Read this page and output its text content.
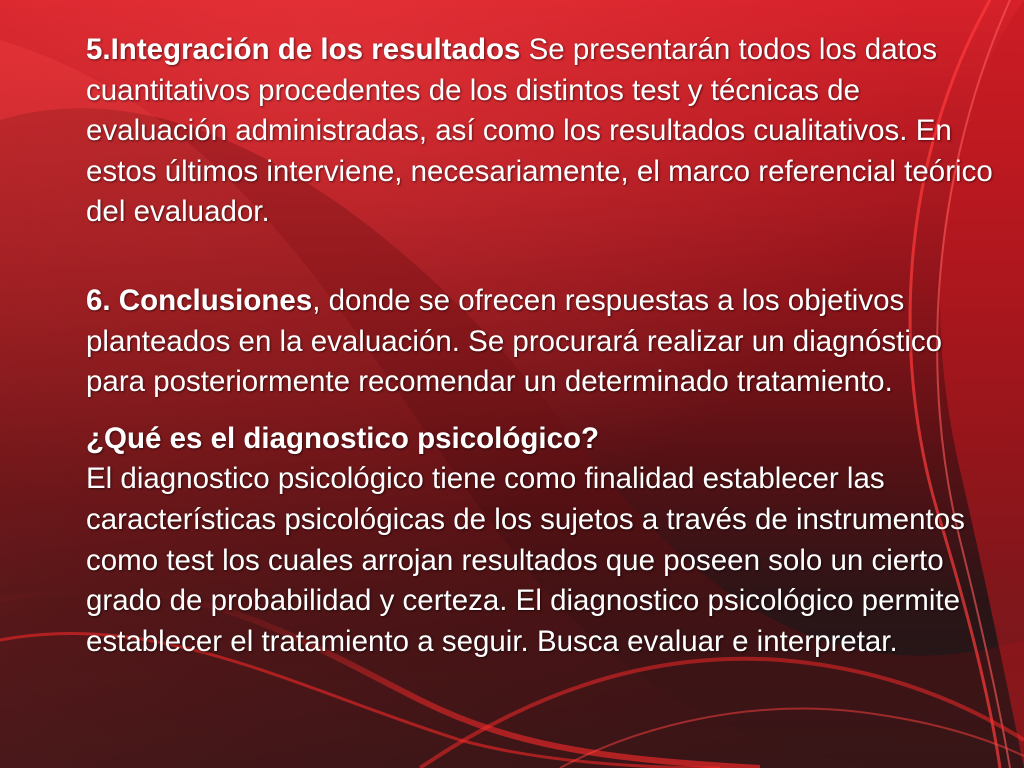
5.Integración de los resultados Se presentarán todos los datos cuantitativos procedentes de los distintos test y técnicas de evaluación administradas, así como los resultados cualitativos. En estos últimos interviene, necesariamente, el marco referencial teórico del evaluador.

6. Conclusiones, donde se ofrecen respuestas a los objetivos planteados en la evaluación. Se procurará realizar un diagnóstico para posteriormente recomendar un determinado tratamiento.

¿Qué es el diagnostico psicológico?
El diagnostico psicológico tiene como finalidad establecer las características psicológicas de los sujetos a través de instrumentos como test los cuales arrojan resultados que poseen solo un cierto grado de probabilidad y certeza. El diagnostico psicológico permite establecer el tratamiento a seguir. Busca evaluar e interpretar.
